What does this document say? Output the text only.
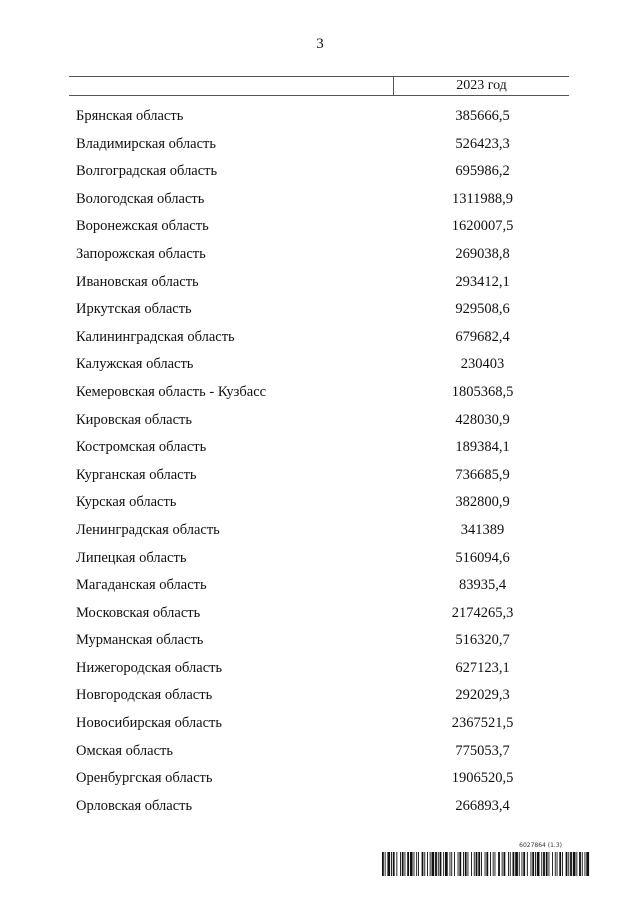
3
2023 год
Брянская область	385666,5
Владимирская область	526423,3
Волгоградская область	695986,2
Вологодская область	1311988,9
Воронежская область	1620007,5
Запорожская область	269038,8
Ивановская область	293412,1
Иркутская область	929508,6
Калининградская область	679682,4
Калужская область	230403
Кемеровская область - Кузбасс	1805368,5
Кировская область	428030,9
Костромская область	189384,1
Курганская область	736685,9
Курская область	382800,9
Ленинградская область	341389
Липецкая область	516094,6
Магаданская область	83935,4
Московская область	2174265,3
Мурманская область	516320,7
Нижегородская область	627123,1
Новгородская область	292029,3
Новосибирская область	2367521,5
Омская область	775053,7
Оренбургская область	1906520,5
Орловская область	266893,4
6027864 (1.3)
